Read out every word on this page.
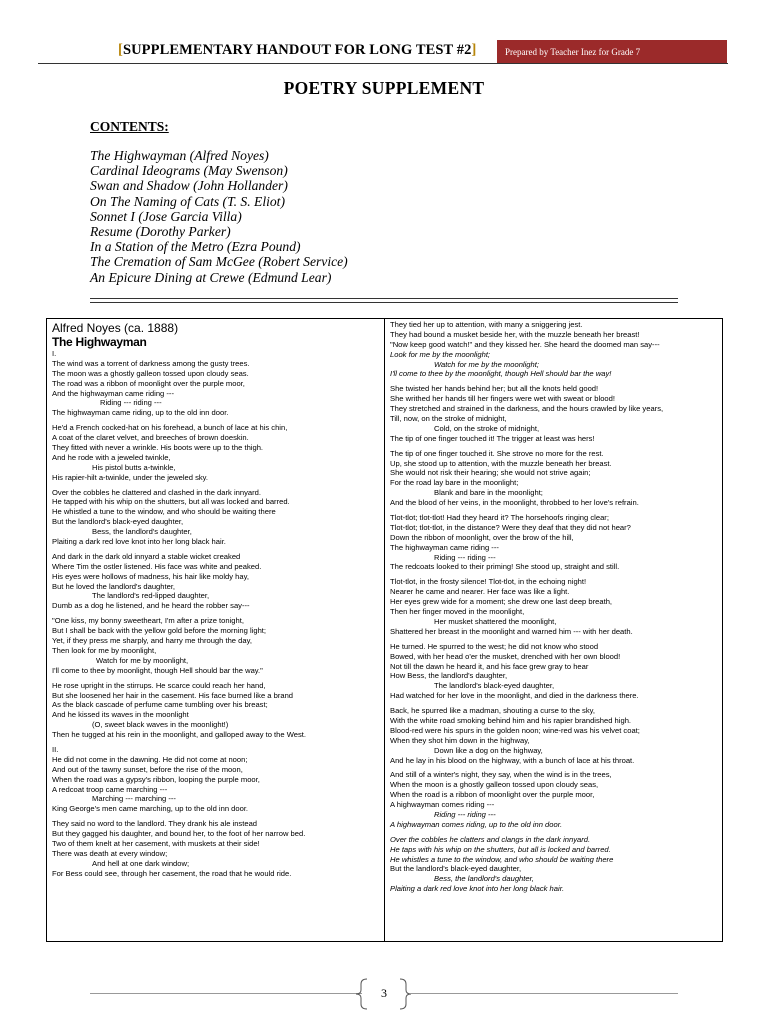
[SUPPLEMENTARY HANDOUT FOR LONG TEST #2]	Prepared by Teacher Inez for Grade 7
POETRY SUPPLEMENT
CONTENTS:
The Highwayman (Alfred Noyes)
Cardinal Ideograms (May Swenson)
Swan and Shadow (John Hollander)
On The Naming of Cats (T. S. Eliot)
Sonnet I (Jose Garcia Villa)
Resume (Dorothy Parker)
In a Station of the Metro (Ezra Pound)
The Cremation of Sam McGee (Robert Service)
An Epicure Dining at Crewe (Edmund Lear)
Alfred Noyes (ca. 1888)
The Highwayman
I.
The wind was a torrent of darkness among the gusty trees.
The moon was a ghostly galleon tossed upon cloudy seas.
The road was a ribbon of moonlight over the purple moor,
And the highwayman came riding ---
Riding --- riding ---
The highwayman came riding, up to the old inn door.
He'd a French cocked-hat on his forehead, a bunch of lace at his chin,
A coat of the claret velvet, and breeches of brown doeskin.
They fitted with never a wrinkle. His boots were up to the thigh.
And he rode with a jeweled twinkle,
His pistol butts a-twinkle,
His rapier-hilt a-twinkle, under the jeweled sky.
Over the cobbles he clattered and clashed in the dark innyard.
He tapped with his whip on the shutters, but all was locked and barred.
He whistled a tune to the window, and who should be waiting there
But the landlord's black-eyed daughter,
Bess, the landlord's daughter,
Plaiting a dark red love knot into her long black hair.
And dark in the dark old innyard a stable wicket creaked
Where Tim the ostler listened. His face was white and peaked.
His eyes were hollows of madness, his hair like moldy hay,
But he loved the landlord's daughter,
The landlord's red-lipped daughter,
Dumb as a dog he listened, and he heard the robber say---
"One kiss, my bonny sweetheart, I'm after a prize tonight,
But I shall be back with the yellow gold before the morning light;
Yet, if they press me sharply, and harry me through the day,
Then look for me by moonlight,
Watch for me by moonlight,
I'll come to thee by moonlight, though Hell should bar the way."
He rose upright in the stirrups. He scarce could reach her hand,
But she loosened her hair in the casement. His face burned like a brand
As the black cascade of perfume came tumbling over his breast;
And he kissed its waves in the moonlight
(O, sweet black waves in the moonlight!)
Then he tugged at his rein in the moonlight, and galloped away to the West.
II.
He did not come in the dawning. He did not come at noon;
And out of the tawny sunset, before the rise of the moon,
When the road was a gypsy's ribbon, looping the purple moor,
A redcoat troop came marching ---
Marching --- marching ---
King George's men came marching, up to the old inn door.
They said no word to the landlord. They drank his ale instead
But they gagged his daughter, and bound her, to the foot of her narrow bed.
Two of them knelt at her casement, with muskets at their side!
There was death at every window;
And hell at one dark window;
For Bess could see, through her casement, the road that he would ride.
They tied her up to attention, with many a sniggering jest.
They had bound a musket beside her, with the muzzle beneath her breast!
"Now keep good watch!" and they kissed her. She heard the doomed man say---
Look for me by the moonlight;
Watch for me by the moonlight;
I'll come to thee by the moonlight, though Hell should bar the way!
She twisted her hands behind her; but all the knots held good!
She writhed her hands till her fingers were wet with sweat or blood!
They stretched and strained in the darkness, and the hours crawled by like years,
Till, now, on the stroke of midnight,
Cold, on the stroke of midnight,
The tip of one finger touched it! The trigger at least was hers!
The tip of one finger touched it. She strove no more for the rest.
Up, she stood up to attention, with the muzzle beneath her breast.
She would not risk their hearing; she would not strive again;
For the road lay bare in the moonlight;
Blank and bare in the moonlight;
And the blood of her veins, in the moonlight, throbbed to her love's refrain.
Tlot-tlot; tlot-tlot! Had they heard it? The horsehoofs ringing clear;
Tlot-tlot; tlot-tlot, in the distance? Were they deaf that they did not hear?
Down the ribbon of moonlight, over the brow of the hill,
The highwayman came riding ---
Riding --- riding ---
The redcoats looked to their priming! She stood up, straight and still.
Tlot-tlot, in the frosty silence! Tlot-tlot, in the echoing night!
Nearer he came and nearer. Her face was like a light.
Her eyes grew wide for a moment; she drew one last deep breath,
Then her finger moved in the moonlight,
Her musket shattered the moonlight,
Shattered her breast in the moonlight and warned him --- with her death.
He turned. He spurred to the west; he did not know who stood
Bowed, with her head o'er the musket, drenched with her own blood!
Not till the dawn he heard it, and his face grew gray to hear
How Bess, the landlord's daughter,
The landlord's black-eyed daughter,
Had watched for her love in the moonlight, and died in the darkness there.
Back, he spurred like a madman, shouting a curse to the sky,
With the white road smoking behind him and his rapier brandished high.
Blood-red were his spurs in the golden noon; wine-red was his velvet coat;
When they shot him down in the highway,
Down like a dog on the highway,
And he lay in his blood on the highway, with a bunch of lace at his throat.
And still of a winter's night, they say, when the wind is in the trees,
When the moon is a ghostly galleon tossed upon cloudy seas,
When the road is a ribbon of moonlight over the purple moor,
A highwayman comes riding ---
Riding --- riding ---
A highwayman comes riding, up to the old inn door.
Over the cobbles he clatters and clangs in the dark innyard.
He taps with his whip on the shutters, but all is locked and barred.
He whistles a tune to the window, and who should be waiting there
But the landlord's black-eyed daughter,
Bess, the landlord's daughter,
Plaiting a dark red love knot into her long black hair.
3
